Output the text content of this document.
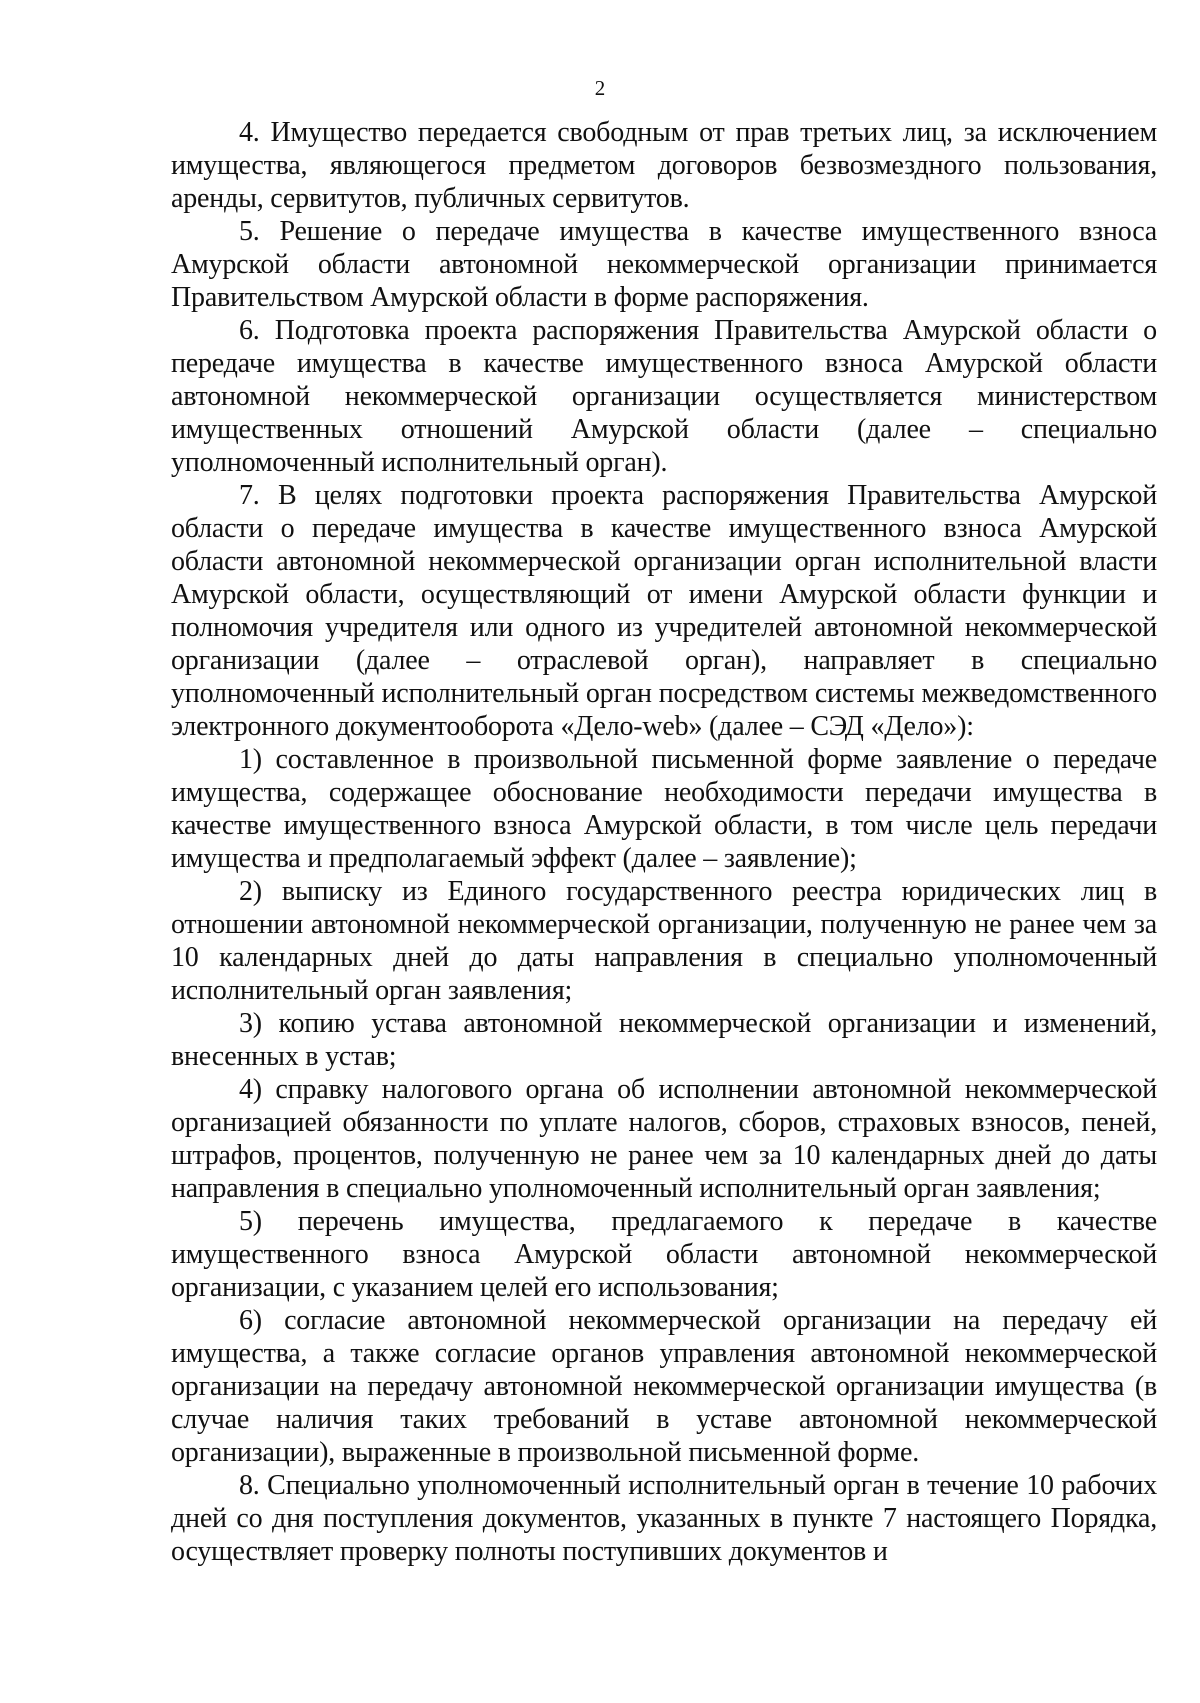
2

4. Имущество передается свободным от прав третьих лиц, за исключением имущества, являющегося предметом договоров безвозмездного пользования, аренды, сервитутов, публичных сервитутов.

5. Решение о передаче имущества в качестве имущественного взноса Амурской области автономной некоммерческой организации принимается Правительством Амурской области в форме распоряжения.

6. Подготовка проекта распоряжения Правительства Амурской области о передаче имущества в качестве имущественного взноса Амурской области автономной некоммерческой организации осуществляется министерством имущественных отношений Амурской области (далее – специально уполномоченный исполнительный орган).

7. В целях подготовки проекта распоряжения Правительства Амурской области о передаче имущества в качестве имущественного взноса Амурской области автономной некоммерческой организации орган исполнительной власти Амурской области, осуществляющий от имени Амурской области функции и полномочия учредителя или одного из учредителей автономной некоммерческой организации (далее – отраслевой орган), направляет в специально уполномоченный исполнительный орган посредством системы межведомственного электронного документооборота «Дело-web» (далее – СЭД «Дело»):

1) составленное в произвольной письменной форме заявление о передаче имущества, содержащее обоснование необходимости передачи имущества в качестве имущественного взноса Амурской области, в том числе цель передачи имущества и предполагаемый эффект (далее – заявление);

2) выписку из Единого государственного реестра юридических лиц в отношении автономной некоммерческой организации, полученную не ранее чем за 10 календарных дней до даты направления в специально уполномоченный исполнительный орган заявления;

3) копию устава автономной некоммерческой организации и изменений, внесенных в устав;

4) справку налогового органа об исполнении автономной некоммерческой организацией обязанности по уплате налогов, сборов, страховых взносов, пеней, штрафов, процентов, полученную не ранее чем за 10 календарных дней до даты направления в специально уполномоченный исполнительный орган заявления;

5) перечень имущества, предлагаемого к передаче в качестве имущественного взноса Амурской области автономной некоммерческой организации, с указанием целей его использования;

6) согласие автономной некоммерческой организации на передачу ей имущества, а также согласие органов управления автономной некоммерческой организации на передачу автономной некоммерческой организации имущества (в случае наличия таких требований в уставе автономной некоммерческой организации), выраженные в произвольной письменной форме.

8. Специально уполномоченный исполнительный орган в течение 10 рабочих дней со дня поступления документов, указанных в пункте 7 настоящего Порядка, осуществляет проверку полноты поступивших документов и
